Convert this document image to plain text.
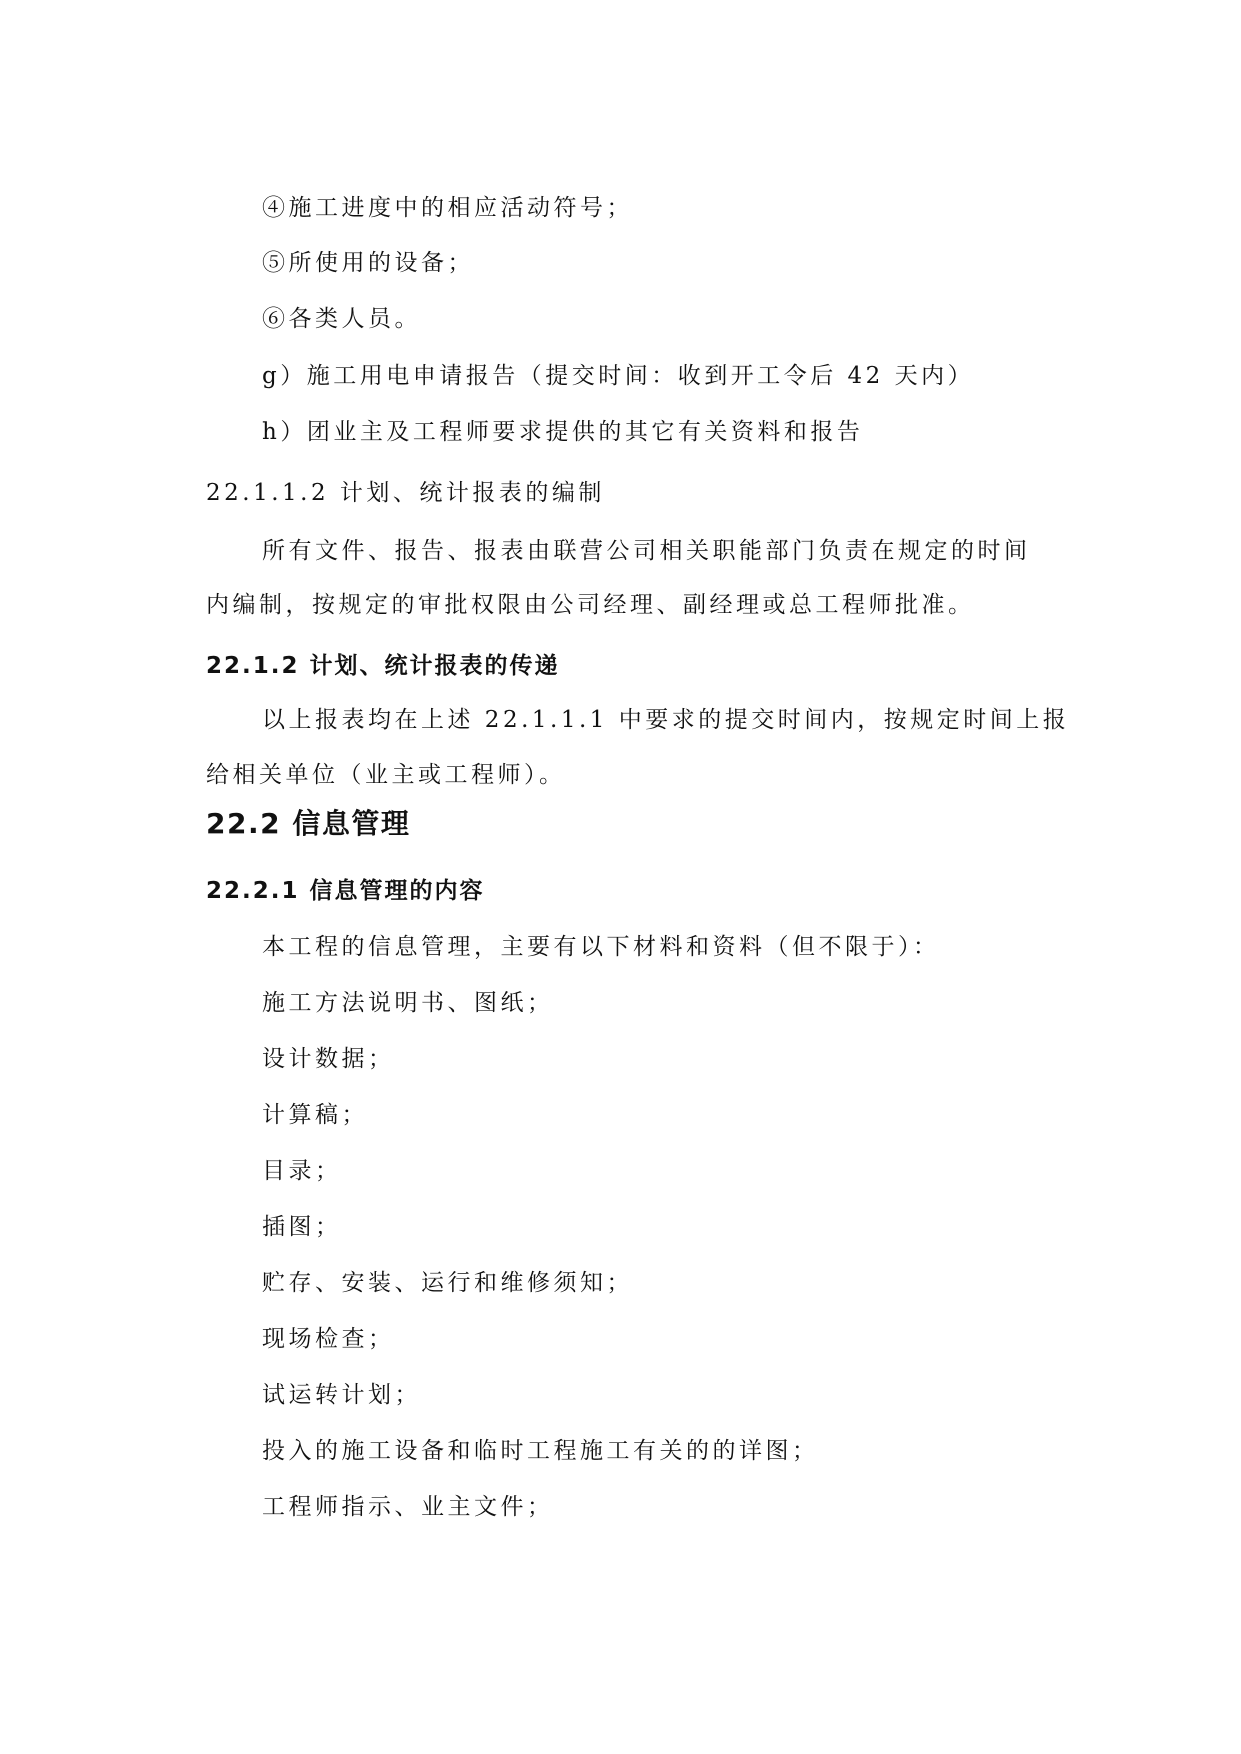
④施工进度中的相应活动符号；
⑤所使用的设备；
⑥各类人员。
g）施工用电申请报告（提交时间：收到开工令后 42 天内）
h）团业主及工程师要求提供的其它有关资料和报告
22.1.1.2 计划、统计报表的编制
所有文件、报告、报表由联营公司相关职能部门负责在规定的时间
内编制，按规定的审批权限由公司经理、副经理或总工程师批准。
22.1.2 计划、统计报表的传递
以上报表均在上述 22.1.1.1 中要求的提交时间内，按规定时间上报
给相关单位（业主或工程师）。
22.2 信息管理
22.2.1 信息管理的内容
本工程的信息管理，主要有以下材料和资料（但不限于）：
施工方法说明书、图纸；
设计数据；
计算稿；
目录；
插图；
贮存、安装、运行和维修须知；
现场检查；
试运转计划；
投入的施工设备和临时工程施工有关的的详图；
工程师指示、业主文件；
